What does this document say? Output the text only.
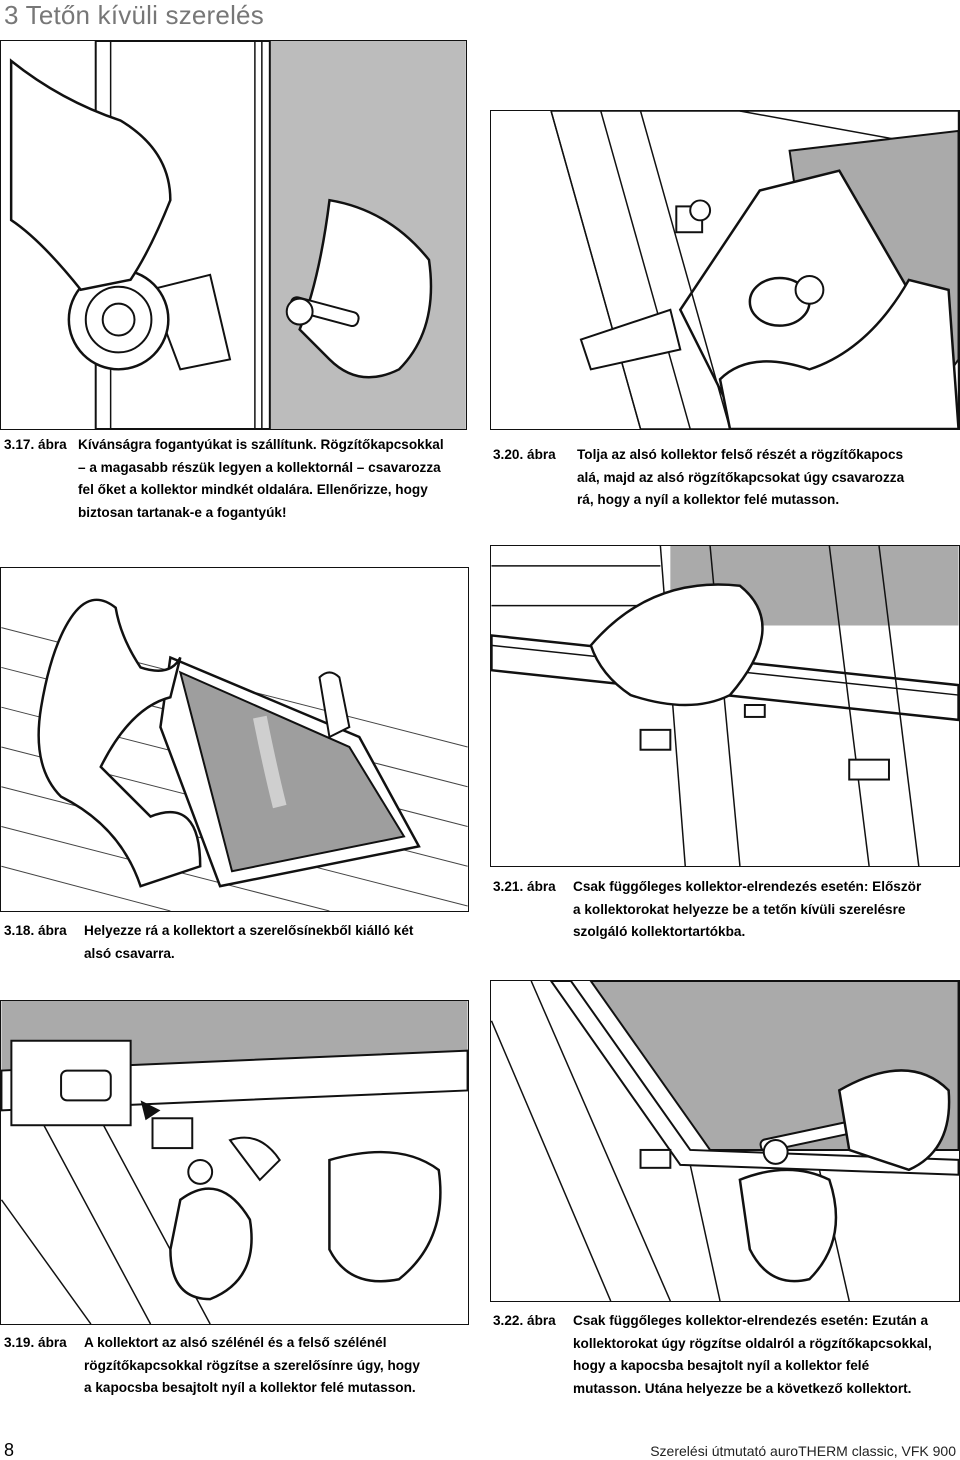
3 Tetőn kívüli szerelés
3.17. ábra Kívánságra fogantyúkat is szállítunk. Rögzítőkapcsokkal
– a magasabb részük legyen a kollektornál – csavarozza
fel őket a kollektor mindkét oldalára. Ellenőrizze, hogy
biztosan tartanak-e a fogantyúk!
3.20. ábra Tolja az alsó kollektor felső részét a rögzítőkapocs
alá, majd az alsó rögzítőkapcsokat úgy csavarozza
rá, hogy a nyíl a kollektor felé mutasson.
3.18. ábra Helyezze rá a kollektort a szerelősínekből kiálló két
alsó csavarra.
3.21. ábra Csak függőleges kollektor-elrendezés esetén: Először
a kollektorokat helyezze be a tetőn kívüli szerelésre
szolgáló kollektortartókba.
3.19. ábra A kollektort az alsó szélénél és a felső szélénél
rögzítőkapcsokkal rögzítse a szerelősínre úgy, hogy
a kapocsba besajtolt nyíl a kollektor felé mutasson.
3.22. ábra Csak függőleges kollektor-elrendezés esetén: Ezután a
kollektorokat úgy rögzítse oldalról a rögzítőkapcsokkal,
hogy a kapocsba besajtolt nyíl a kollektor felé
mutasson. Utána helyezze be a következő kollektort.
8	Szerelési útmutató auroTHERM classic, VFK 900
